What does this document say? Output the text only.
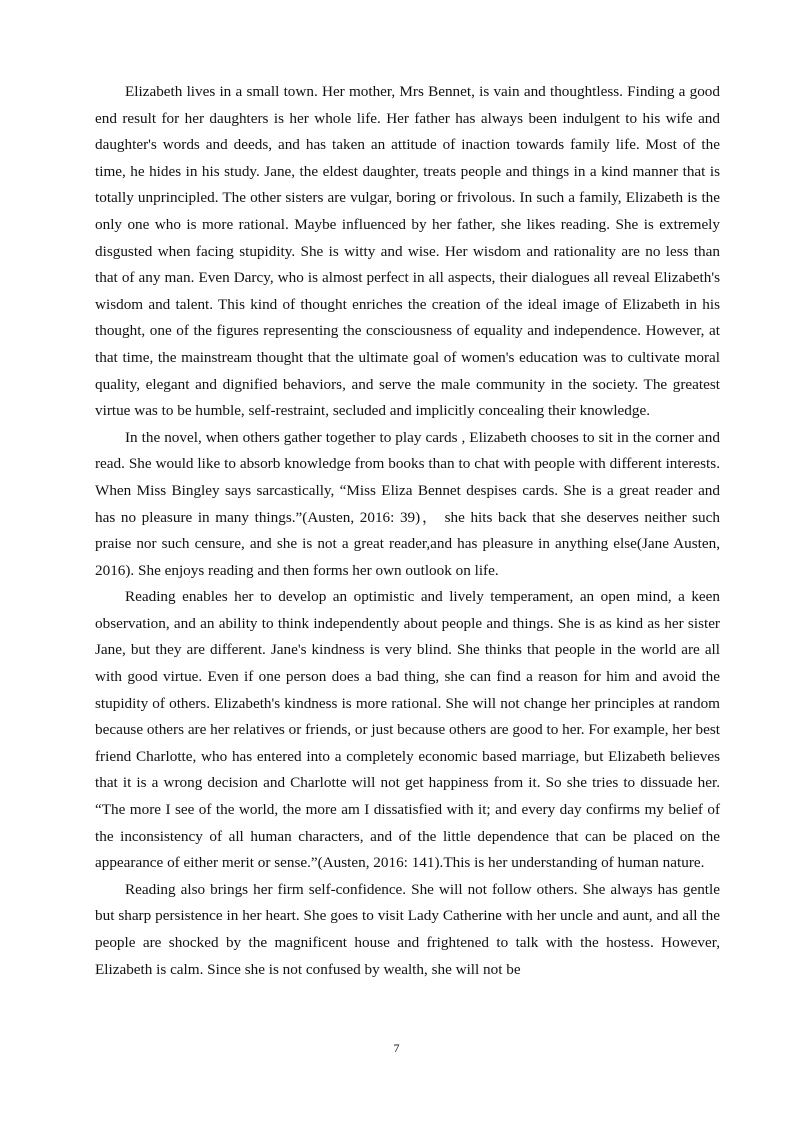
Elizabeth lives in a small town. Her mother, Mrs Bennet, is vain and thoughtless. Finding a good end result for her daughters is her whole life. Her father has always been indulgent to his wife and daughter's words and deeds, and has taken an attitude of inaction towards family life. Most of the time, he hides in his study. Jane, the eldest daughter, treats people and things in a kind manner that is totally unprincipled. The other sisters are vulgar, boring or frivolous. In such a family, Elizabeth is the only one who is more rational. Maybe influenced by her father, she likes reading. She is extremely disgusted when facing stupidity. She is witty and wise. Her wisdom and rationality are no less than that of any man. Even Darcy, who is almost perfect in all aspects, their dialogues all reveal Elizabeth's wisdom and talent. This kind of thought enriches the creation of the ideal image of Elizabeth in his thought, one of the figures representing the consciousness of equality and independence. However, at that time, the mainstream thought that the ultimate goal of women's education was to cultivate moral quality, elegant and dignified behaviors, and serve the male community in the society. The greatest virtue was to be humble, self-restraint, secluded and implicitly concealing their knowledge.

In the novel, when others gather together to play cards , Elizabeth chooses to sit in the corner and read. She would like to absorb knowledge from books than to chat with people with different interests. When Miss Bingley says sarcastically, “Miss Eliza Bennet despises cards. She is a great reader and has no pleasure in many things.”(Austen, 2016: 39)， she hits back that she deserves neither such praise nor such censure, and she is not a great reader,and has pleasure in anything else(Jane Austen, 2016). She enjoys reading and then forms her own outlook on life.

Reading enables her to develop an optimistic and lively temperament, an open mind, a keen observation, and an ability to think independently about people and things. She is as kind as her sister Jane, but they are different. Jane's kindness is very blind. She thinks that people in the world are all with good virtue. Even if one person does a bad thing, she can find a reason for him and avoid the stupidity of others. Elizabeth's kindness is more rational. She will not change her principles at random because others are her relatives or friends, or just because others are good to her. For example, her best friend Charlotte, who has entered into a completely economic based marriage, but Elizabeth believes that it is a wrong decision and Charlotte will not get happiness from it. So she tries to dissuade her. “The more I see of the world, the more am I dissatisfied with it; and every day confirms my belief of the inconsistency of all human characters, and of the little dependence that can be placed on the appearance of either merit or sense.”(Austen, 2016: 141).This is her understanding of human nature.

Reading also brings her firm self-confidence. She will not follow others. She always has gentle but sharp persistence in her heart. She goes to visit Lady Catherine with her uncle and aunt, and all the people are shocked by the magnificent house and frightened to talk with the hostess. However, Elizabeth is calm. Since she is not confused by wealth, she will not be

7
